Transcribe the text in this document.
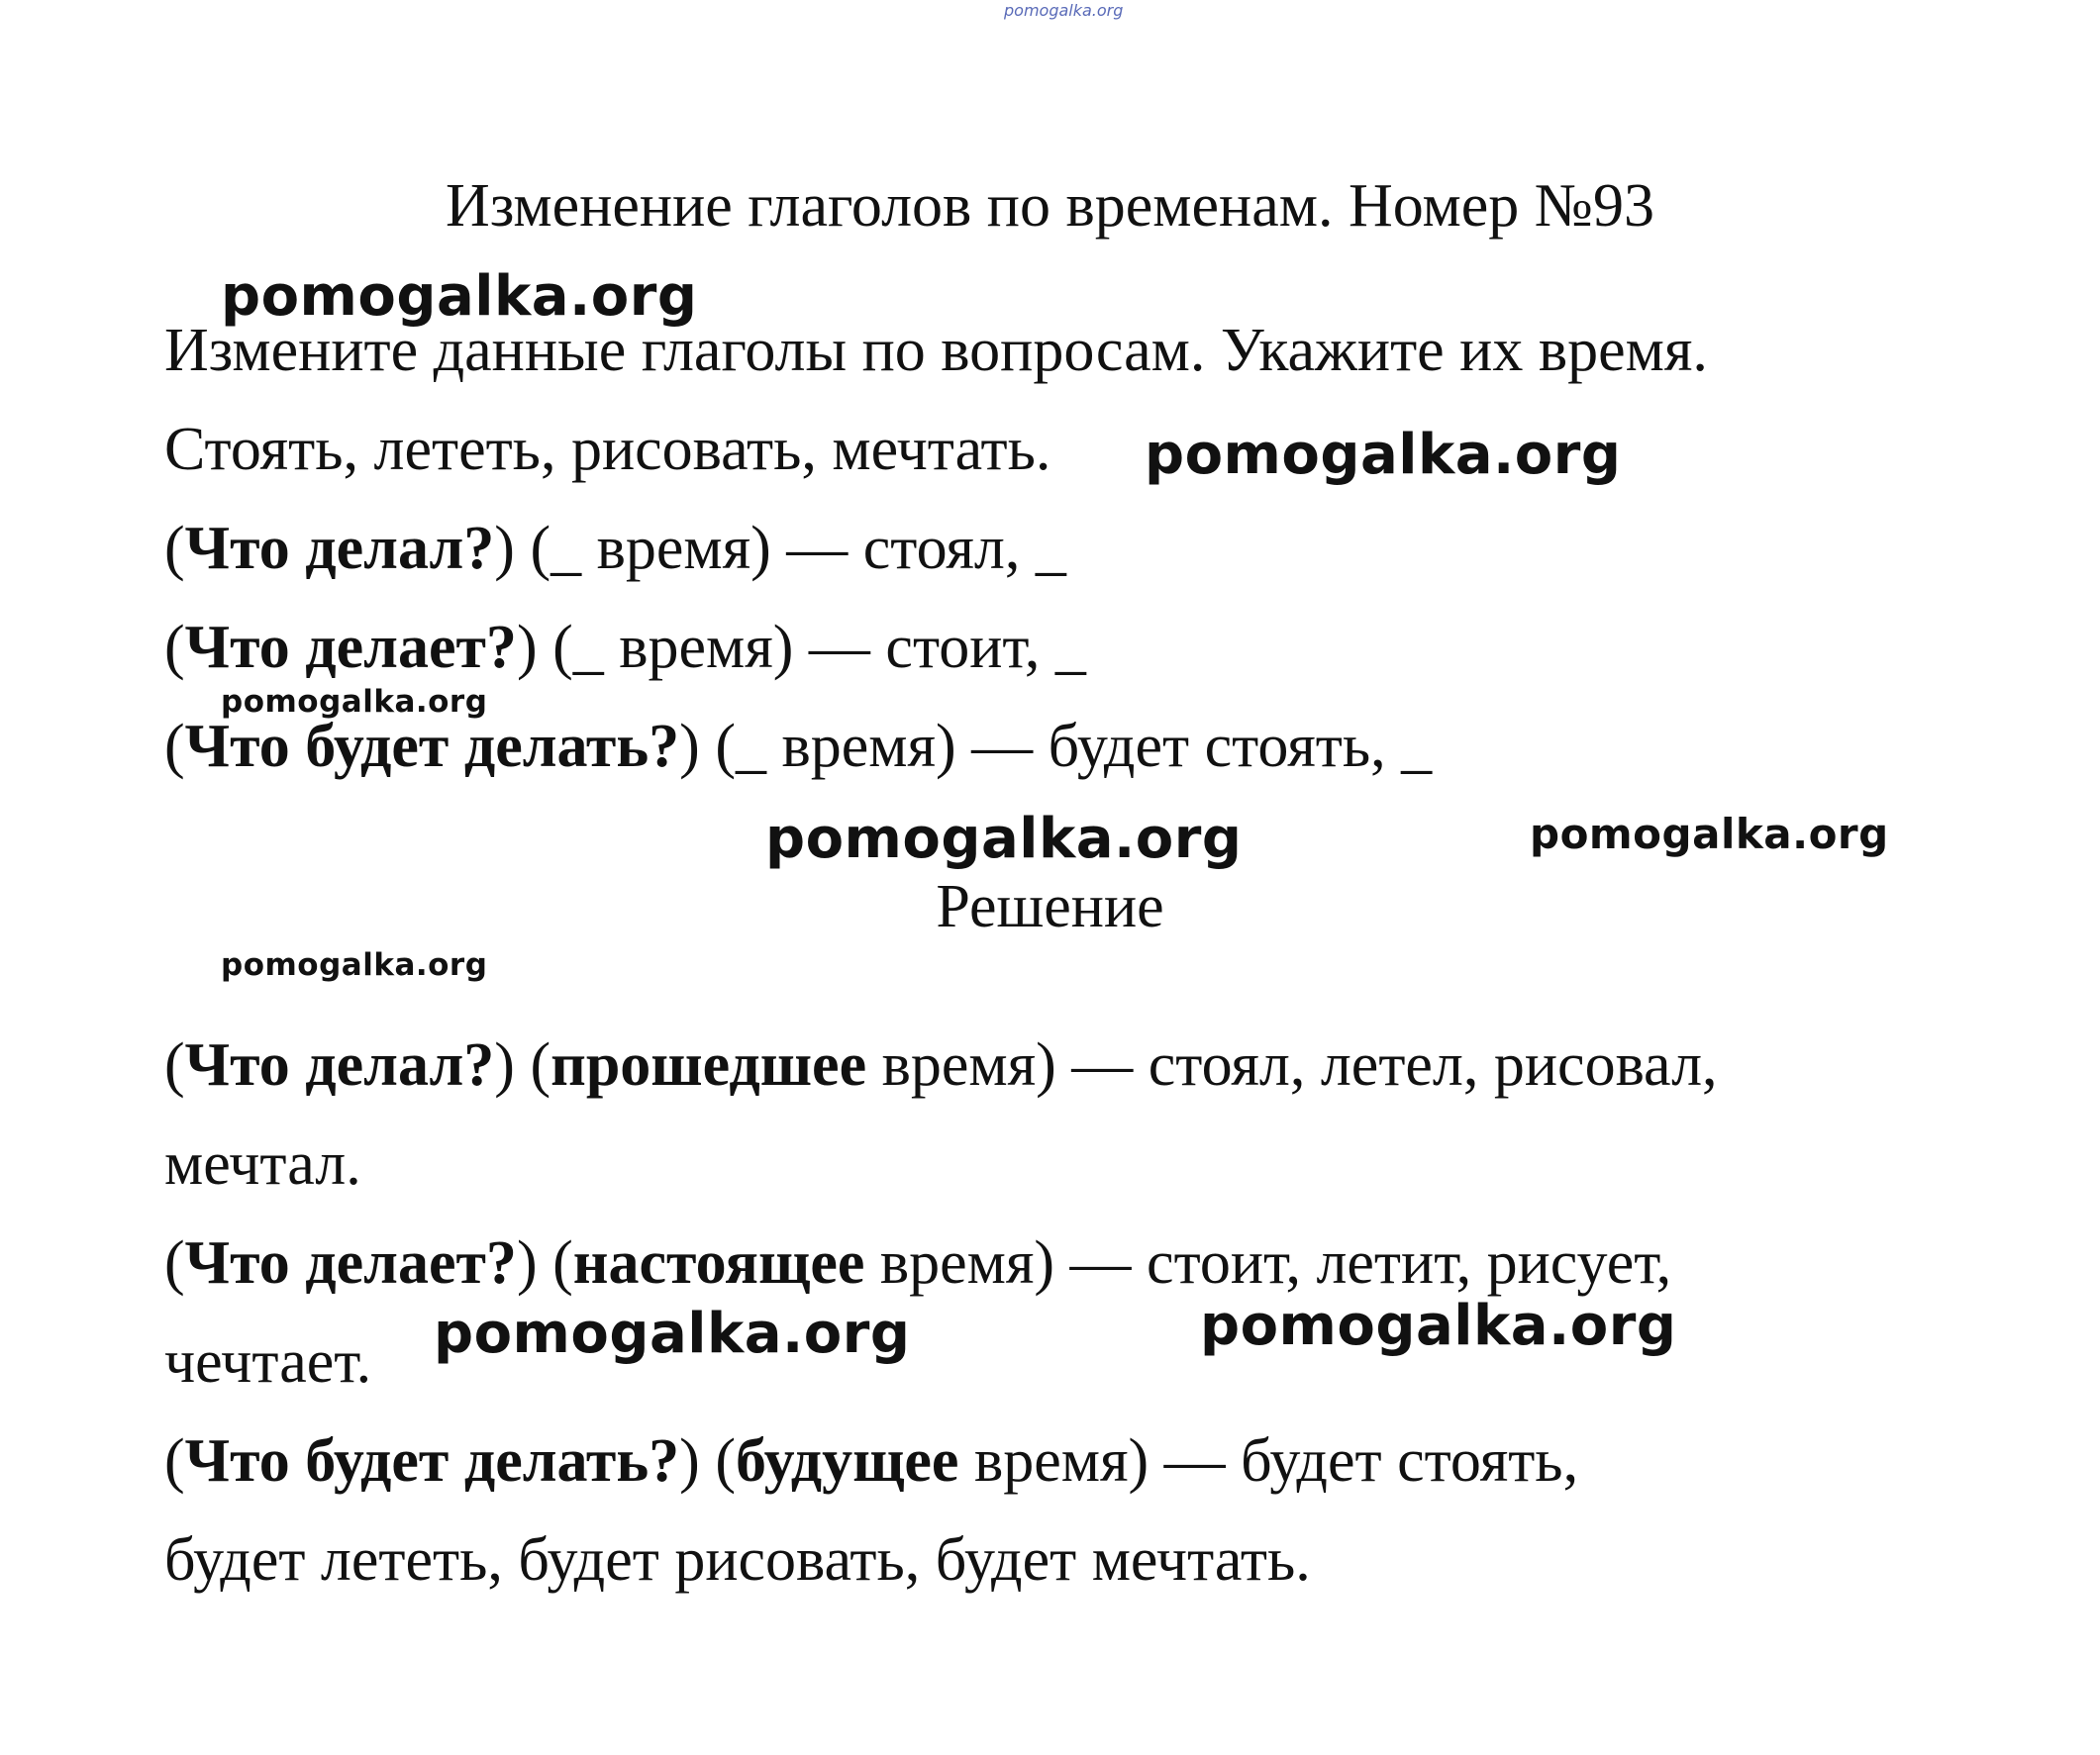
pomogalka.org

Изменение глаголов по временам. Номер №93

Измените данные глаголы по вопросам. Укажите их время.

Стоять, лететь, рисовать, мечтать.

(Что делал?) (_ время) — стоял, _

(Что делает?) (_ время) — стоит, _

(Что будет делать?) (_ время) — будет стоять, _

Решение

(Что делал?) (прошедшее время) — стоял, летел, рисовал,

мечтал.

(Что делает?) (настоящее время) — стоит, летит, рисует,

чечтает.

(Что будет делать?) (будущее время) — будет стоять,

будет лететь, будет рисовать, будет мечтать.

pomogalka.org
pomogalka.org
pomogalka.org
pomogalka.org	pomogalka.org
pomogalka.org
pomogalka.org	pomogalka.org
